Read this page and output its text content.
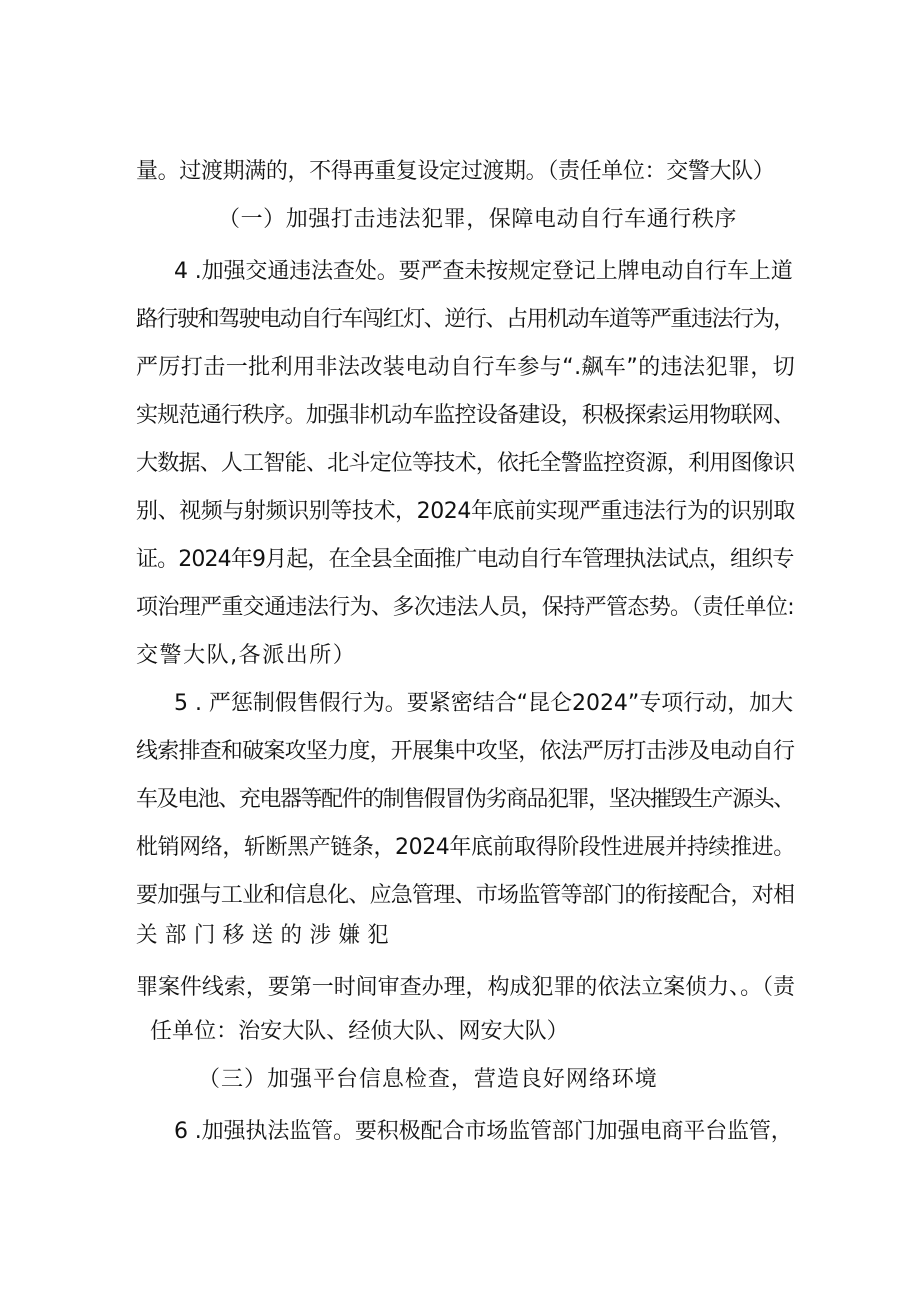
量。过渡期满的，不得再重复设定过渡期。（责任单位：交警大队）
（一）加强打击违法犯罪，保障电动自行车通行秩序
4 .加强交通违法查处。要严查未按规定登记上牌电动自行车上道
路行驶和驾驶电动自行车闯红灯、逆行、占用机动车道等严重违法行为，
严厉打击一批利用非法改装电动自行车参与“.飙车”的违法犯罪，切
实规范通行秩序。加强非机动车监控设备建设，积极探索运用物联网、
大数据、人工智能、北斗定位等技术，依托全警监控资源，利用图像识
别、视频与射频识别等技术，2024年底前实现严重违法行为的识别取
证。2024年9月起，在全县全面推广电动自行车管理执法试点，组织专
项治理严重交通违法行为、多次违法人员，保持严管态势。（责任单位:
交警大队,各派出所）
5 . 严惩制假售假行为。要紧密结合“昆仑2024”专项行动，加大
线索排查和破案攻坚力度，开展集中攻坚，依法严厉打击涉及电动自行
车及电池、充电器等配件的制售假冒伪劣商品犯罪，坚决摧毁生产源头、
枇销网络，斩断黑产链条，2024年底前取得阶段性进展并持续推进。
要加强与工业和信息化、应急管理、市场监管等部门的衔接配合，对相
关部门移送的涉嫌犯
罪案件线索，要第一时间审查办理，构成犯罪的依法立案侦力、。（责
任单位：治安大队、经侦大队、网安大队）
（三）加强平台信息检查，营造良好网络环境
6 .加强执法监管。要积极配合市场监管部门加强电商平台监管，
